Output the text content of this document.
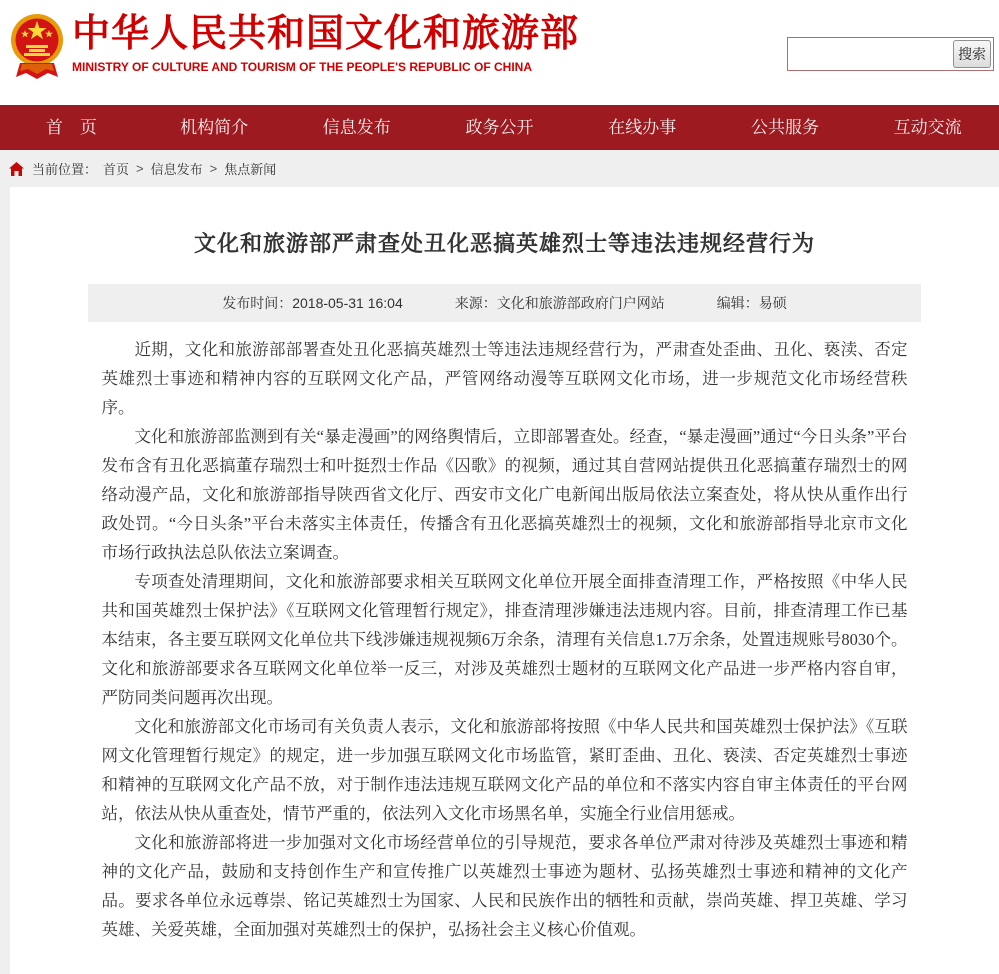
中华人民共和国文化和旅游部
MINISTRY OF CULTURE AND TOURISM OF THE PEOPLE'S REPUBLIC OF CHINA
搜索
首　页	机构简介	信息发布	政务公开	在线办事	公共服务	互动交流
当前位置： 首页 > 信息发布 > 焦点新闻
文化和旅游部严肃查处丑化恶搞英雄烈士等违法违规经营行为
发布时间：2018-05-31 16:04	来源：文化和旅游部政府门户网站	编辑：易硕

近期，文化和旅游部部署查处丑化恶搞英雄烈士等违法违规经营行为，严肃查处歪曲、丑化、亵渎、否定英雄烈士事迹和精神内容的互联网文化产品，严管网络动漫等互联网文化市场，进一步规范文化市场经营秩序。

文化和旅游部监测到有关“暴走漫画”的网络舆情后，立即部署查处。经查，“暴走漫画”通过“今日头条”平台发布含有丑化恶搞董存瑞烈士和叶挺烈士作品《囚歌》的视频，通过其自营网站提供丑化恶搞董存瑞烈士的网络动漫产品，文化和旅游部指导陕西省文化厅、西安市文化广电新闻出版局依法立案查处，将从快从重作出行政处罚。“今日头条”平台未落实主体责任，传播含有丑化恶搞英雄烈士的视频，文化和旅游部指导北京市文化市场行政执法总队依法立案调查。

专项查处清理期间，文化和旅游部要求相关互联网文化单位开展全面排查清理工作，严格按照《中华人民共和国英雄烈士保护法》《互联网文化管理暂行规定》，排查清理涉嫌违法违规内容。目前，排查清理工作已基本结束，各主要互联网文化单位共下线涉嫌违规视频6万余条，清理有关信息1.7万余条，处置违规账号8030个。文化和旅游部要求各互联网文化单位举一反三，对涉及英雄烈士题材的互联网文化产品进一步严格内容自审，严防同类问题再次出现。

文化和旅游部文化市场司有关负责人表示，文化和旅游部将按照《中华人民共和国英雄烈士保护法》《互联网文化管理暂行规定》的规定，进一步加强互联网文化市场监管，紧盯歪曲、丑化、亵渎、否定英雄烈士事迹和精神的互联网文化产品不放，对于制作违法违规互联网文化产品的单位和不落实内容自审主体责任的平台网站，依法从快从重查处，情节严重的，依法列入文化市场黑名单，实施全行业信用惩戒。

文化和旅游部将进一步加强对文化市场经营单位的引导规范，要求各单位严肃对待涉及英雄烈士事迹和精神的文化产品，鼓励和支持创作生产和宣传推广以英雄烈士事迹为题材、弘扬英雄烈士事迹和精神的文化产品。要求各单位永远尊崇、铭记英雄烈士为国家、人民和民族作出的牺牲和贡献，崇尚英雄、捍卫英雄、学习英雄、关爱英雄，全面加强对英雄烈士的保护，弘扬社会主义核心价值观。
